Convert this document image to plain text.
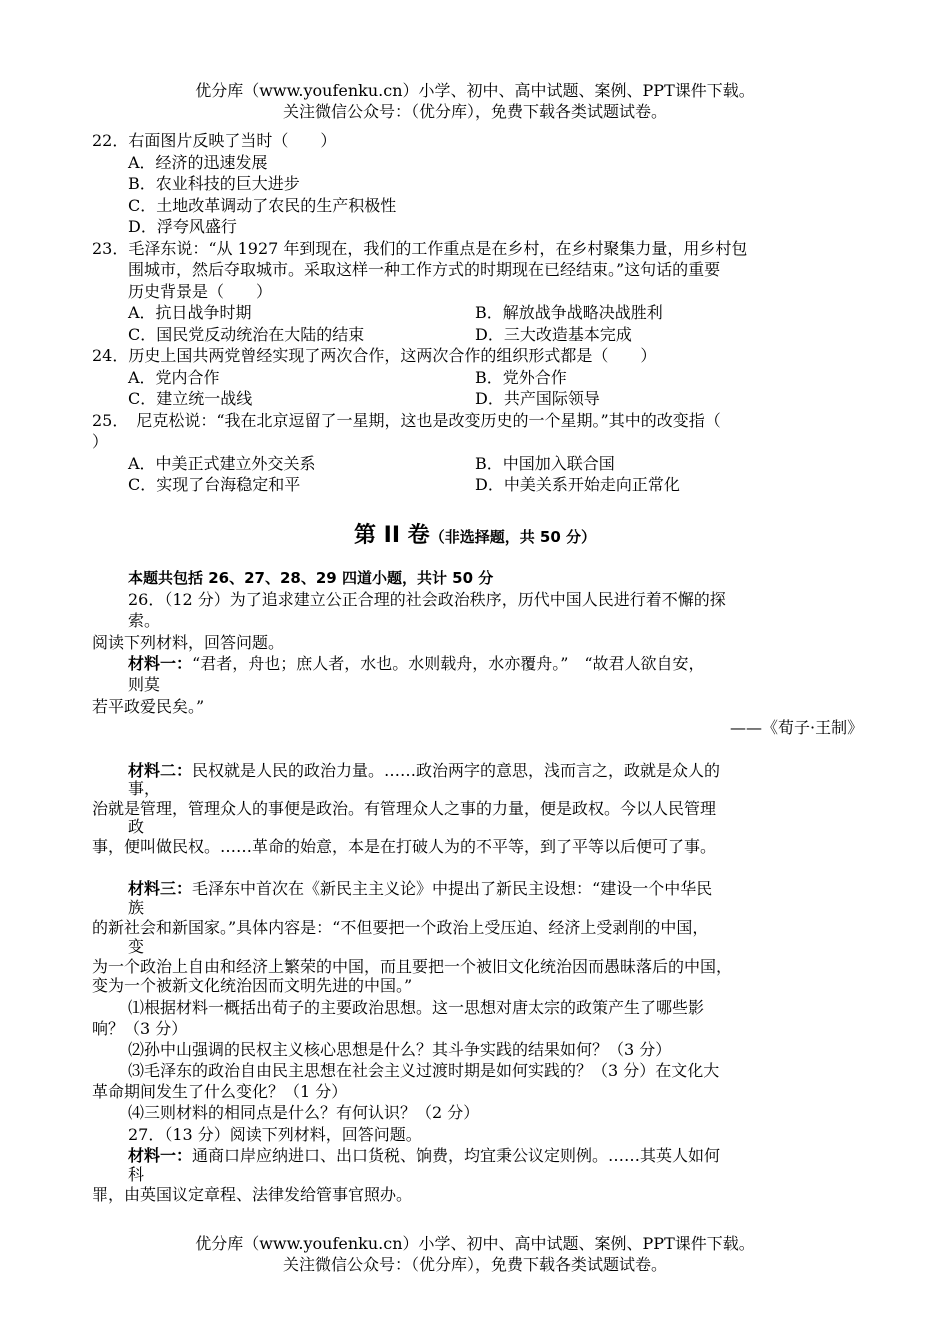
优分库（www.youfenku.cn）小学、初中、高中试题、案例、PPT课件下载。
关注微信公众号：（优分库），免费下载各类试题试卷。
22．右面图片反映了当时（　　）
A．经济的迅速发展
B．农业科技的巨大进步
C．土地改革调动了农民的生产积极性
D．浮夸风盛行
23．毛泽东说：“从 1927 年到现在，我们的工作重点是在乡村，在乡村聚集力量，用乡村包
围城市，然后夺取城市。采取这样一种工作方式的时期现在已经结束。”这句话的重要
历史背景是（　　）
A．抗日战争时期	B．解放战争战略决战胜利
C．国民党反动统治在大陆的结束	D．三大改造基本完成
24．历史上国共两党曾经实现了两次合作，这两次合作的组织形式都是（　　）
A．党内合作	B．党外合作
C．建立统一战线	D．共产国际领导
25．　尼克松说：“我在北京逗留了一星期，这也是改变历史的一个星期。”其中的改变指（
）
A．中美正式建立外交关系	B．中国加入联合国
C．实现了台海稳定和平	D．中美关系开始走向正常化
第 II 卷（非选择题，共 50 分）
本题共包括 26、27、28、29 四道小题，共计 50 分
26．（12 分）为了追求建立公正合理的社会政治秩序，历代中国人民进行着不懈的探
索。
阅读下列材料，回答问题。
材料一：“君者，舟也；庶人者，水也。水则载舟，水亦覆舟。”　“故君人欲自安，
则莫
若平政爱民矣。”
——《荀子·王制》
材料二：民权就是人民的政治力量。……政治两字的意思，浅而言之，政就是众人的
事，
治就是管理，管理众人的事便是政治。有管理众人之事的力量，便是政权。今以人民管理
政
事，便叫做民权。……革命的始意，本是在打破人为的不平等，到了平等以后便可了事。
材料三：毛泽东中首次在《新民主主义论》中提出了新民主设想：“建设一个中华民
族
的新社会和新国家。”具体内容是：“不但要把一个政治上受压迫、经济上受剥削的中国，
变
为一个政治上自由和经济上繁荣的中国，而且要把一个被旧文化统治因而愚昧落后的中国，
变为一个被新文化统治因而文明先进的中国。”
⑴根据材料一概括出荀子的主要政治思想。这一思想对唐太宗的政策产生了哪些影
响？（3 分）
⑵孙中山强调的民权主义核心思想是什么？其斗争实践的结果如何？（3 分）
⑶毛泽东的政治自由民主思想在社会主义过渡时期是如何实践的？（3 分）在文化大
革命期间发生了什么变化？（1 分）
⑷三则材料的相同点是什么？有何认识？（2 分）
27．（13 分）阅读下列材料，回答问题。
材料一：通商口岸应纳进口、出口货税、饷费，均宜秉公议定则例。……其英人如何
科
罪，由英国议定章程、法律发给管事官照办。
优分库（www.youfenku.cn）小学、初中、高中试题、案例、PPT课件下载。
关注微信公众号：（优分库），免费下载各类试题试卷。
